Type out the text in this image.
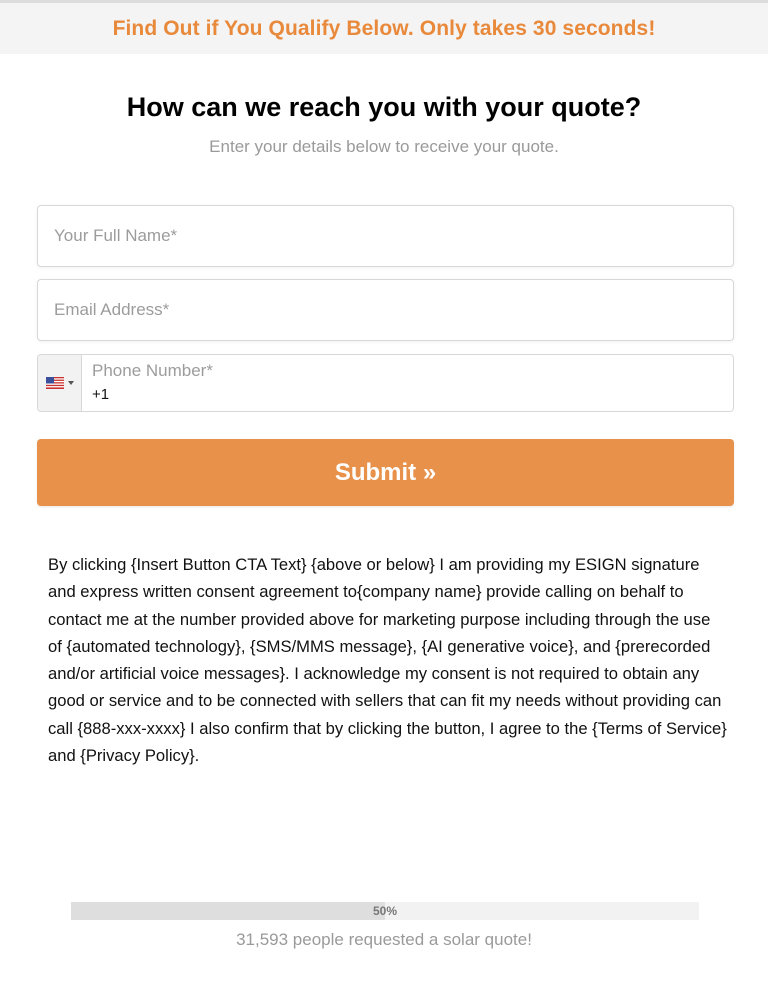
Find Out if You Qualify Below. Only takes 30 seconds!
How can we reach you with your quote?

Enter your details below to receive your quote.

Your Full Name*
Email Address*
Phone Number*
+1
Submit »

By clicking {Insert Button CTA Text} {above or below} I am providing my ESIGN signature and express written consent agreement to{company name} provide calling on behalf to contact me at the number provided above for marketing purpose including through the use of {automated technology}, {SMS/MMS message}, {AI generative voice}, and {prerecorded and/or artificial voice messages}. I acknowledge my consent is not required to obtain any good or service and to be connected with sellers that can fit my needs without providing can call {888-xxx-xxxx} I also confirm that by clicking the button, I agree to the {Terms of Service} and {Privacy Policy}.

50%

31,593 people requested a solar quote!
